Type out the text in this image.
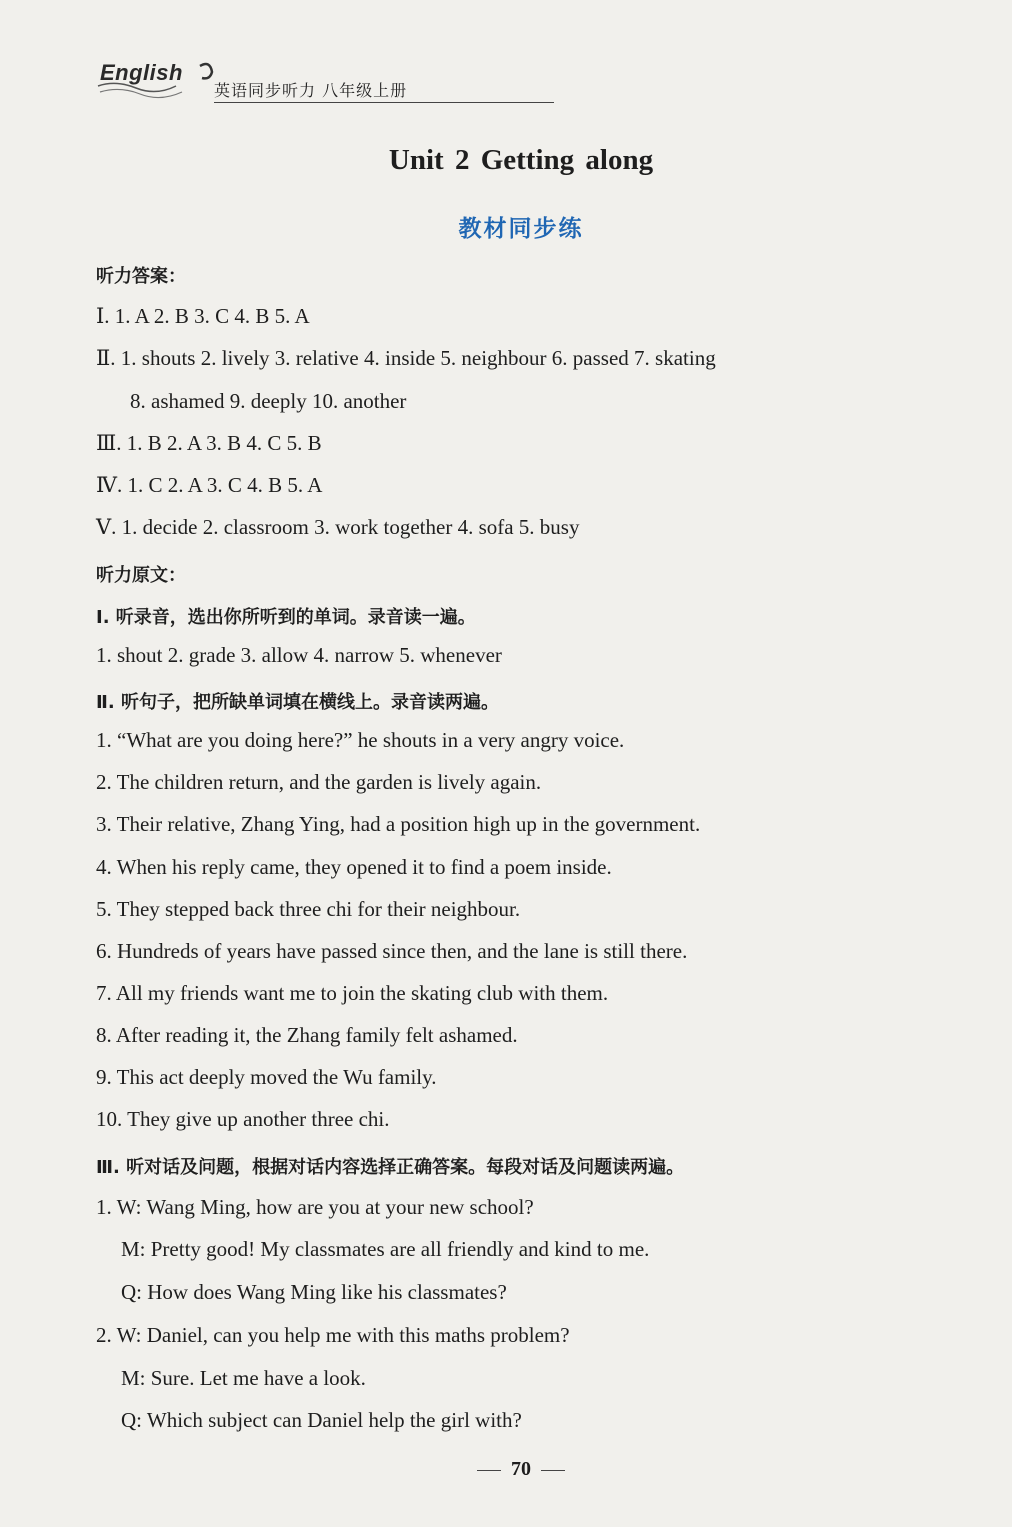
English
英语同步听力 八年级上册
Unit 2 Getting along
教材同步练
听力答案：
Ⅰ. 1. A 2. B 3. C 4. B 5. A
Ⅱ. 1. shouts 2. lively 3. relative 4. inside 5. neighbour 6. passed 7. skating
8. ashamed 9. deeply 10. another
Ⅲ. 1. B 2. A 3. B 4. C 5. B
Ⅳ. 1. C 2. A 3. C 4. B 5. A
Ⅴ. 1. decide 2. classroom 3. work together 4. sofa 5. busy
听力原文：
Ⅰ. 听录音，选出你所听到的单词。录音读一遍。
1. shout 2. grade 3. allow 4. narrow 5. whenever
Ⅱ. 听句子，把所缺单词填在横线上。录音读两遍。
1. “What are you doing here?” he shouts in a very angry voice.
2. The children return, and the garden is lively again.
3. Their relative, Zhang Ying, had a position high up in the government.
4. When his reply came, they opened it to find a poem inside.
5. They stepped back three chi for their neighbour.
6. Hundreds of years have passed since then, and the lane is still there.
7. All my friends want me to join the skating club with them.
8. After reading it, the Zhang family felt ashamed.
9. This act deeply moved the Wu family.
10. They give up another three chi.
Ⅲ. 听对话及问题，根据对话内容选择正确答案。每段对话及问题读两遍。
1. W: Wang Ming, how are you at your new school?
M: Pretty good! My classmates are all friendly and kind to me.
Q: How does Wang Ming like his classmates?
2. W: Daniel, can you help me with this maths problem?
M: Sure. Let me have a look.
Q: Which subject can Daniel help the girl with?
70
